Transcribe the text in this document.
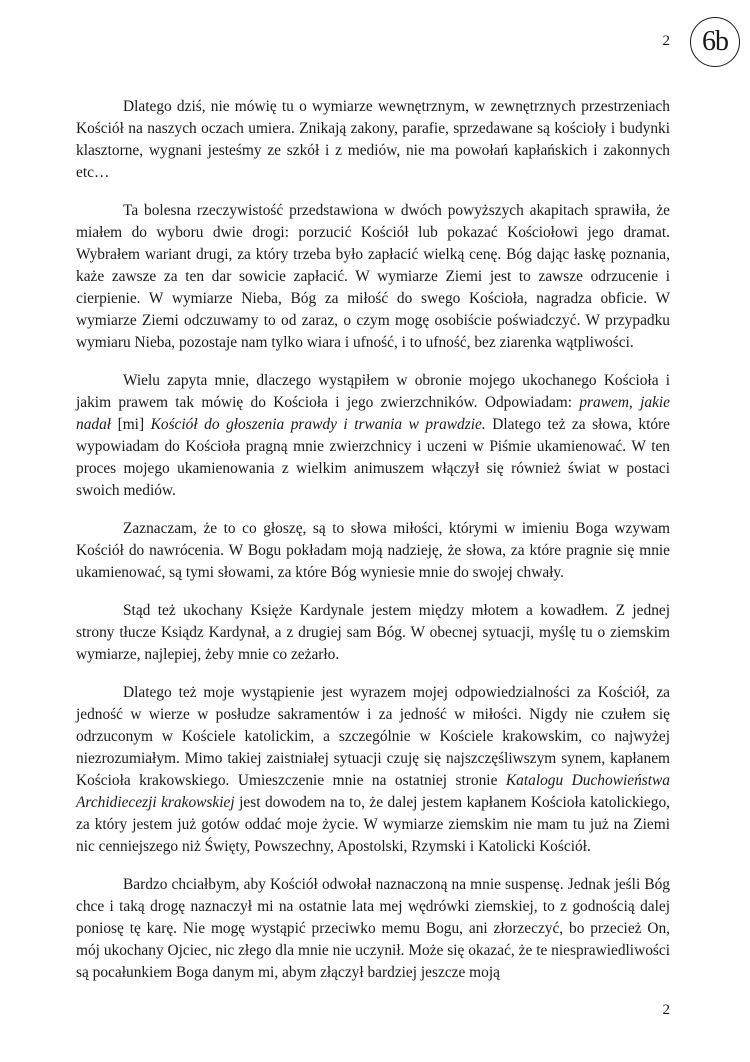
2	6b

Dlatego dziś, nie mówię tu o wymiarze wewnętrznym, w zewnętrznych przestrzeniach Kościół na naszych oczach umiera. Znikają zakony, parafie, sprzedawane są kościoły i budynki klasztorne, wygnani jesteśmy ze szkół i z mediów, nie ma powołań kapłańskich i zakonnych etc…

Ta bolesna rzeczywistość przedstawiona w dwóch powyższych akapitach sprawiła, że miałem do wyboru dwie drogi: porzucić Kościół lub pokazać Kościołowi jego dramat. Wybrałem wariant drugi, za który trzeba było zapłacić wielką cenę. Bóg dając łaskę poznania, każe zawsze za ten dar sowicie zapłacić. W wymiarze Ziemi jest to zawsze odrzucenie i cierpienie. W wymiarze Nieba, Bóg za miłość do swego Kościoła, nagradza obficie. W wymiarze Ziemi odczuwamy to od zaraz, o czym mogę osobiście poświadczyć. W przypadku wymiaru Nieba, pozostaje nam tylko wiara i ufność, i to ufność, bez ziarenka wątpliwości.

Wielu zapyta mnie, dlaczego wystąpiłem w obronie mojego ukochanego Kościoła i jakim prawem tak mówię do Kościoła i jego zwierzchników. Odpowiadam: prawem, jakie nadał [mi] Kościół do głoszenia prawdy i trwania w prawdzie. Dlatego też za słowa, które wypowiadam do Kościoła pragną mnie zwierzchnicy i uczeni w Piśmie ukamienować. W ten proces mojego ukamienowania z wielkim animuszem włączył się również świat w postaci swoich mediów.

Zaznaczam, że to co głoszę, są to słowa miłości, którymi w imieniu Boga wzywam Kościół do nawrócenia. W Bogu pokładam moją nadzieję, że słowa, za które pragnie się mnie ukamienować, są tymi słowami, za które Bóg wyniesie mnie do swojej chwały.

Stąd też ukochany Księże Kardynale jestem między młotem a kowadłem. Z jednej strony tłucze Ksiądz Kardynał, a z drugiej sam Bóg. W obecnej sytuacji, myślę tu o ziemskim wymiarze, najlepiej, żeby mnie co zeżarło.

Dlatego też moje wystąpienie jest wyrazem mojej odpowiedzialności za Kościół, za jedność w wierze w posłudze sakramentów i za jedność w miłości. Nigdy nie czułem się odrzuconym w Kościele katolickim, a szczególnie w Kościele krakowskim, co najwyżej niezrozumiałym. Mimo takiej zaistniałej sytuacji czuję się najszczęśliwszym synem, kapłanem Kościoła krakowskiego. Umieszczenie mnie na ostatniej stronie Katalogu Duchowieństwa Archidiecezji krakowskiej jest dowodem na to, że dalej jestem kapłanem Kościoła katolickiego, za który jestem już gotów oddać moje życie. W wymiarze ziemskim nie mam tu już na Ziemi nic cenniejszego niż Święty, Powszechny, Apostolski, Rzymski i Katolicki Kościół.

Bardzo chciałbym, aby Kościół odwołał naznaczoną na mnie suspensę. Jednak jeśli Bóg chce i taką drogę naznaczył mi na ostatnie lata mej wędrówki ziemskiej, to z godnością dalej poniosę tę karę. Nie mogę wystąpić przeciwko memu Bogu, ani złorzeczyć, bo przecież On, mój ukochany Ojciec, nic złego dla mnie nie uczynił. Może się okazać, że te niesprawiedliwości są pocałunkiem Boga danym mi, abym złączył bardziej jeszcze moją

2
